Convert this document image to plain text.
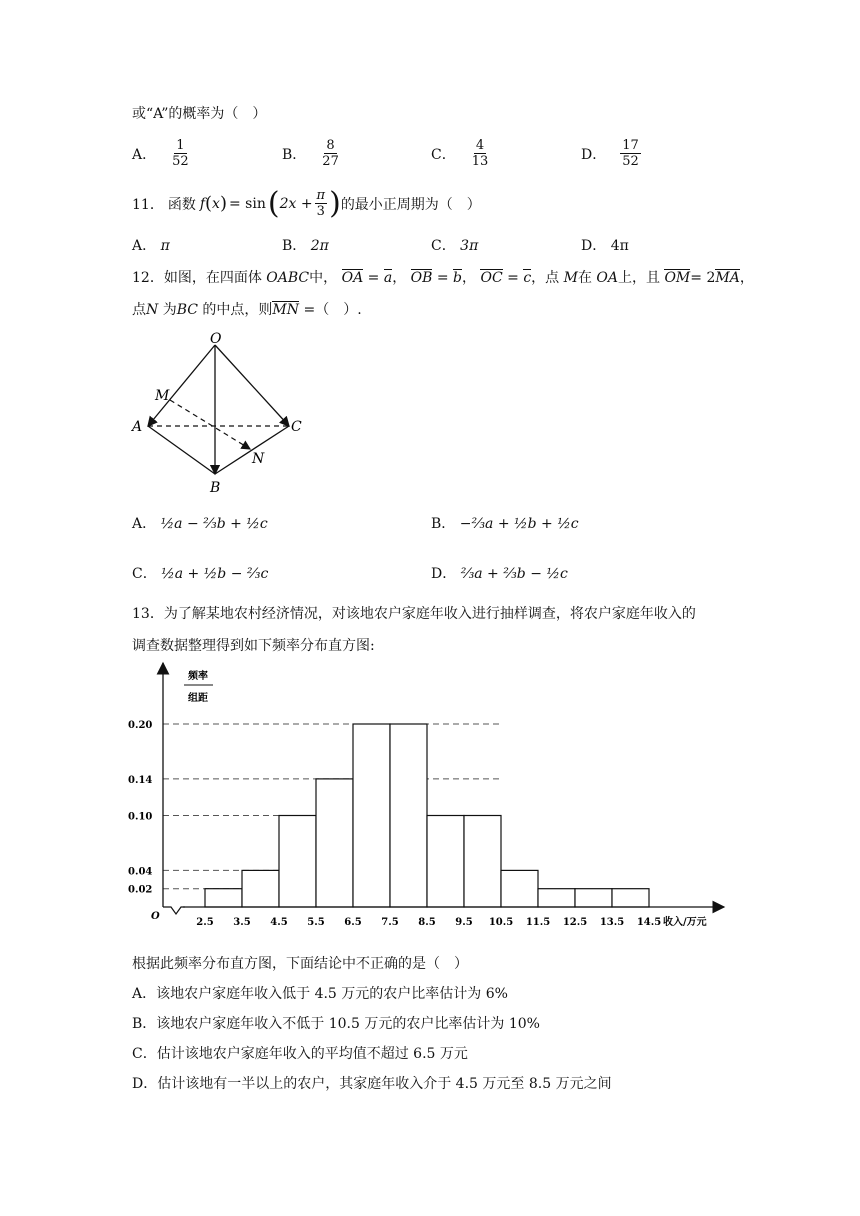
或“A”的概率为（　）
A． $\frac{1}{52}$	B． $\frac{8}{27}$	C． $\frac{4}{13}$	D． $\frac{17}{52}$
11． 函数 f ( x ) = sin ( $2x + \frac{\pi}{3}$ ) 的最小正周期为（　）
A． π	B． 2π	C． 3π	D． 4π
12．如图，在四面体 OABC中， OA = a， OB = b， OC = c，点 M在 OA上，且 OM= 2MA，
点N 为BC 的中点，则MN =（　）.
O
A
B
C
M
N
A． ½a − ⅔b + ½c	B． −⅔a + ½b + ½c
C． ½a + ½b − ⅔c	D． ⅔a + ⅔b − ½c
13．为了解某地农村经济情况，对该地农户家庭年收入进行抽样调查，将农户家庭年收入的
调查数据整理得到如下频率分布直方图:
0.02
0.04
0.10
0.14
0.20
2.5 3.5 4.5 5.5 6.5 7.5 8.5 9.5 10.5 11.5 12.5 13.5 14.5
频率
组距
收入/万元
O
根据此频率分布直方图，下面结论中不正确的是（　）
A．该地农户家庭年收入低于 4.5 万元的农户比率估计为 6%
B．该地农户家庭年收入不低于 10.5 万元的农户比率估计为 10%
C．估计该地农户家庭年收入的平均值不超过 6.5 万元
D．估计该地有一半以上的农户，其家庭年收入介于 4.5 万元至 8.5 万元之间
